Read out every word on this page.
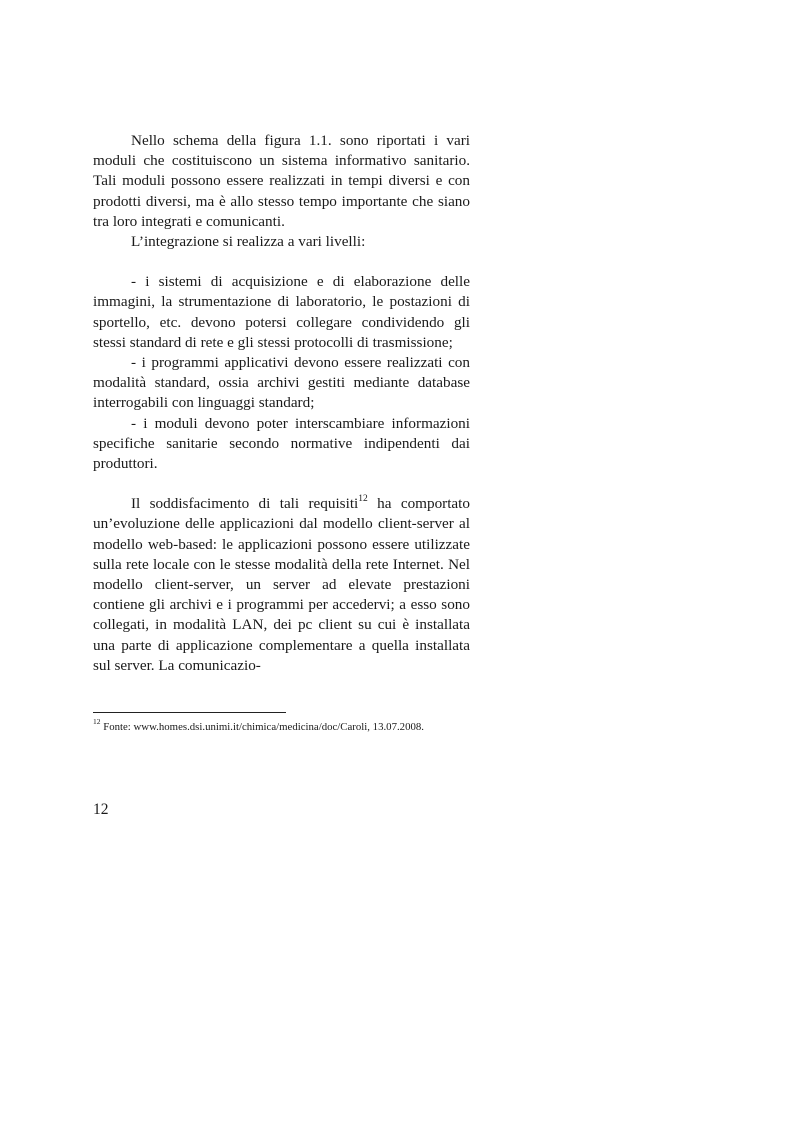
Nello schema della figura 1.1. sono riportati i vari moduli che costituiscono un sistema informativo sanitario. Tali moduli possono essere realizzati in tempi diversi e con prodotti diversi, ma è allo stesso tempo importante che siano tra loro integrati e comunicanti.

L’integrazione si realizza a vari livelli:

- i sistemi di acquisizione e di elaborazione delle immagini, la strumentazione di laboratorio, le postazioni di sportello, etc. devono potersi collegare condividendo gli stessi standard di rete e gli stessi protocolli di trasmissione;

- i programmi applicativi devono essere realizzati con modalità standard, ossia archivi gestiti mediante database interrogabili con linguaggi standard;

- i moduli devono poter interscambiare informazioni specifiche sanitarie secondo normative indipendenti dai produttori.

Il soddisfacimento di tali requisiti$^{12}$ ha comportato un’evoluzione delle applicazioni dal modello client-server al modello web-based: le applicazioni possono essere utilizzate sulla rete locale con le stesse modalità della rete Internet. Nel modello client-server, un server ad elevate prestazioni contiene gli archivi e i programmi per accedervi; a esso sono collegati, in modalità LAN, dei pc client su cui è installata una parte di applicazione complementare a quella installata sul server. La comunicazio-

$^{12}$ Fonte: www.homes.dsi.unimi.it/chimica/medicina/doc/Caroli, 13.07.2008.
12
